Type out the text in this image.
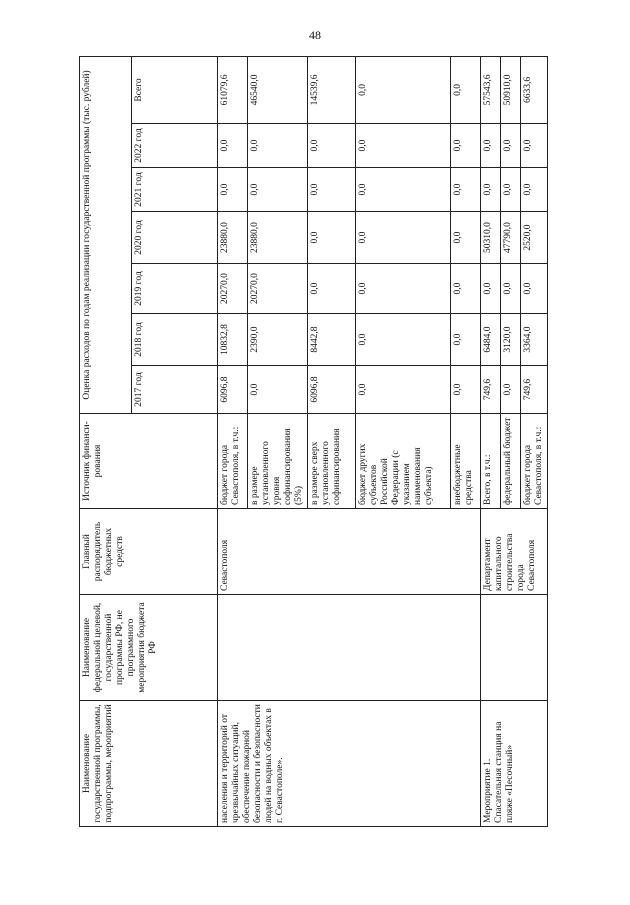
48
Наименование государственной программы, подпрограммы, мероприятий	Наименование федеральной целевой, государственной программы РФ, не программного мероприятия бюджета РФ	Главный распорядитель бюджетных средств	Источник финанси-рования	Оценка расходов по годам реализации государственной программы (тыс. рублей)						
				2017 год	2018 год	2019 год	2020 год	2021 год	2022 год	Всего
населения и территорий от чрезвычайных ситуаций, обеспечение пожарной безопасности и безопасности людей на водных объектах в г. Севастополе».		Севастополя	бюджет города Севастополя, в т.ч.:	6096,8	10832,8	20270,0	23880,0	0,0	0,0	61079,6
			в размере установленного уровня софинансирования (5%)	0,0	2390,0	20270,0	23880,0	0,0	0,0	46540,0
			в размере сверх установленного софинансирования	6096,8	8442,8	0,0	0,0	0,0	0,0	14539,6
			бюджет других субъектов Российской Федерации (с указанием наименования субъекта)	0,0	0,0	0,0	0,0	0,0	0,0	0,0
			внебюджетные средства	0,0	0,0	0,0	0,0	0,0	0,0	0,0
Мероприятие 1. Спасательная станция на пляже «Песочный»		Департамент капитального строительства города Севастополя	Всего, в т.ч.:	749,6	6484,0	0,0	50310,0	0,0	0,0	57543,6
			федеральный бюджет	0,0	3120,0	0,0	47790,0	0,0	0,0	50910,0
			бюджет города Севастополя, в т.ч.:	749,6	3364,0	0,0	2520,0	0,0	0,0	6633,6
